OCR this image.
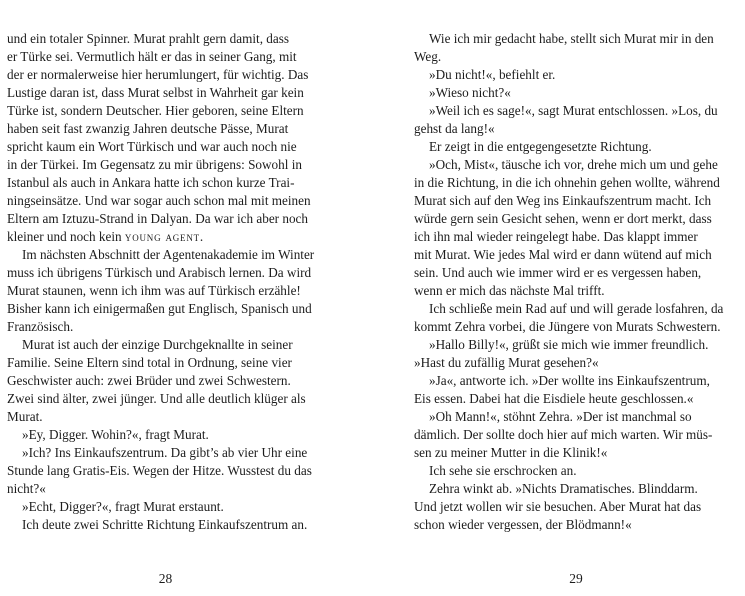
und ein totaler Spinner. Murat prahlt gern damit, dass
er Türke sei. Vermutlich hält er das in seiner Gang, mit
der er normalerweise hier herumlungert, für wichtig. Das
Lustige daran ist, dass Murat selbst in Wahrheit gar kein
Türke ist, sondern Deutscher. Hier geboren, seine Eltern
haben seit fast zwanzig Jahren deutsche Pässe, Murat
spricht kaum ein Wort Türkisch und war auch noch nie
in der Türkei. Im Gegensatz zu mir übrigens: Sowohl in
Istanbul als auch in Ankara hatte ich schon kurze Trai-
ningseinsätze. Und war sogar auch schon mal mit meinen
Eltern am Iztuzu-Strand in Dalyan. Da war ich aber noch
kleiner und noch kein young agent.
Im nächsten Abschnitt der Agentenakademie im Winter
muss ich übrigens Türkisch und Arabisch lernen. Da wird
Murat staunen, wenn ich ihm was auf Türkisch erzähle!
Bisher kann ich einigermaßen gut Englisch, Spanisch und
Französisch.
Murat ist auch der einzige Durchgeknallte in seiner
Familie. Seine Eltern sind total in Ordnung, seine vier
Geschwister auch: zwei Brüder und zwei Schwestern.
Zwei sind älter, zwei jünger. Und alle deutlich klüger als
Murat.
»Ey, Digger. Wohin?«, fragt Murat.
»Ich? Ins Einkaufszentrum. Da gibt’s ab vier Uhr eine
Stunde lang Gratis-Eis. Wegen der Hitze. Wusstest du das
nicht?«
»Echt, Digger?«, fragt Murat erstaunt.
Ich deute zwei Schritte Richtung Einkaufszentrum an.
28
Wie ich mir gedacht habe, stellt sich Murat mir in den
Weg.
»Du nicht!«, befiehlt er.
»Wieso nicht?«
»Weil ich es sage!«, sagt Murat entschlossen. »Los, du
gehst da lang!«
Er zeigt in die entgegengesetzte Richtung.
»Och, Mist«, täusche ich vor, drehe mich um und gehe
in die Richtung, in die ich ohnehin gehen wollte, während
Murat sich auf den Weg ins Einkaufszentrum macht. Ich
würde gern sein Gesicht sehen, wenn er dort merkt, dass
ich ihn mal wieder reingelegt habe. Das klappt immer
mit Murat. Wie jedes Mal wird er dann wütend auf mich
sein. Und auch wie immer wird er es vergessen haben,
wenn er mich das nächste Mal trifft.
Ich schließe mein Rad auf und will gerade losfahren, da
kommt Zehra vorbei, die Jüngere von Murats Schwestern.
»Hallo Billy!«, grüßt sie mich wie immer freundlich.
»Hast du zufällig Murat gesehen?«
»Ja«, antworte ich. »Der wollte ins Einkaufszentrum,
Eis essen. Dabei hat die Eisdiele heute geschlossen.«
»Oh Mann!«, stöhnt Zehra. »Der ist manchmal so
dämlich. Der sollte doch hier auf mich warten. Wir müs-
sen zu meiner Mutter in die Klinik!«
Ich sehe sie erschrocken an.
Zehra winkt ab. »Nichts Dramatisches. Blinddarm.
Und jetzt wollen wir sie besuchen. Aber Murat hat das
schon wieder vergessen, der Blödmann!«
29
